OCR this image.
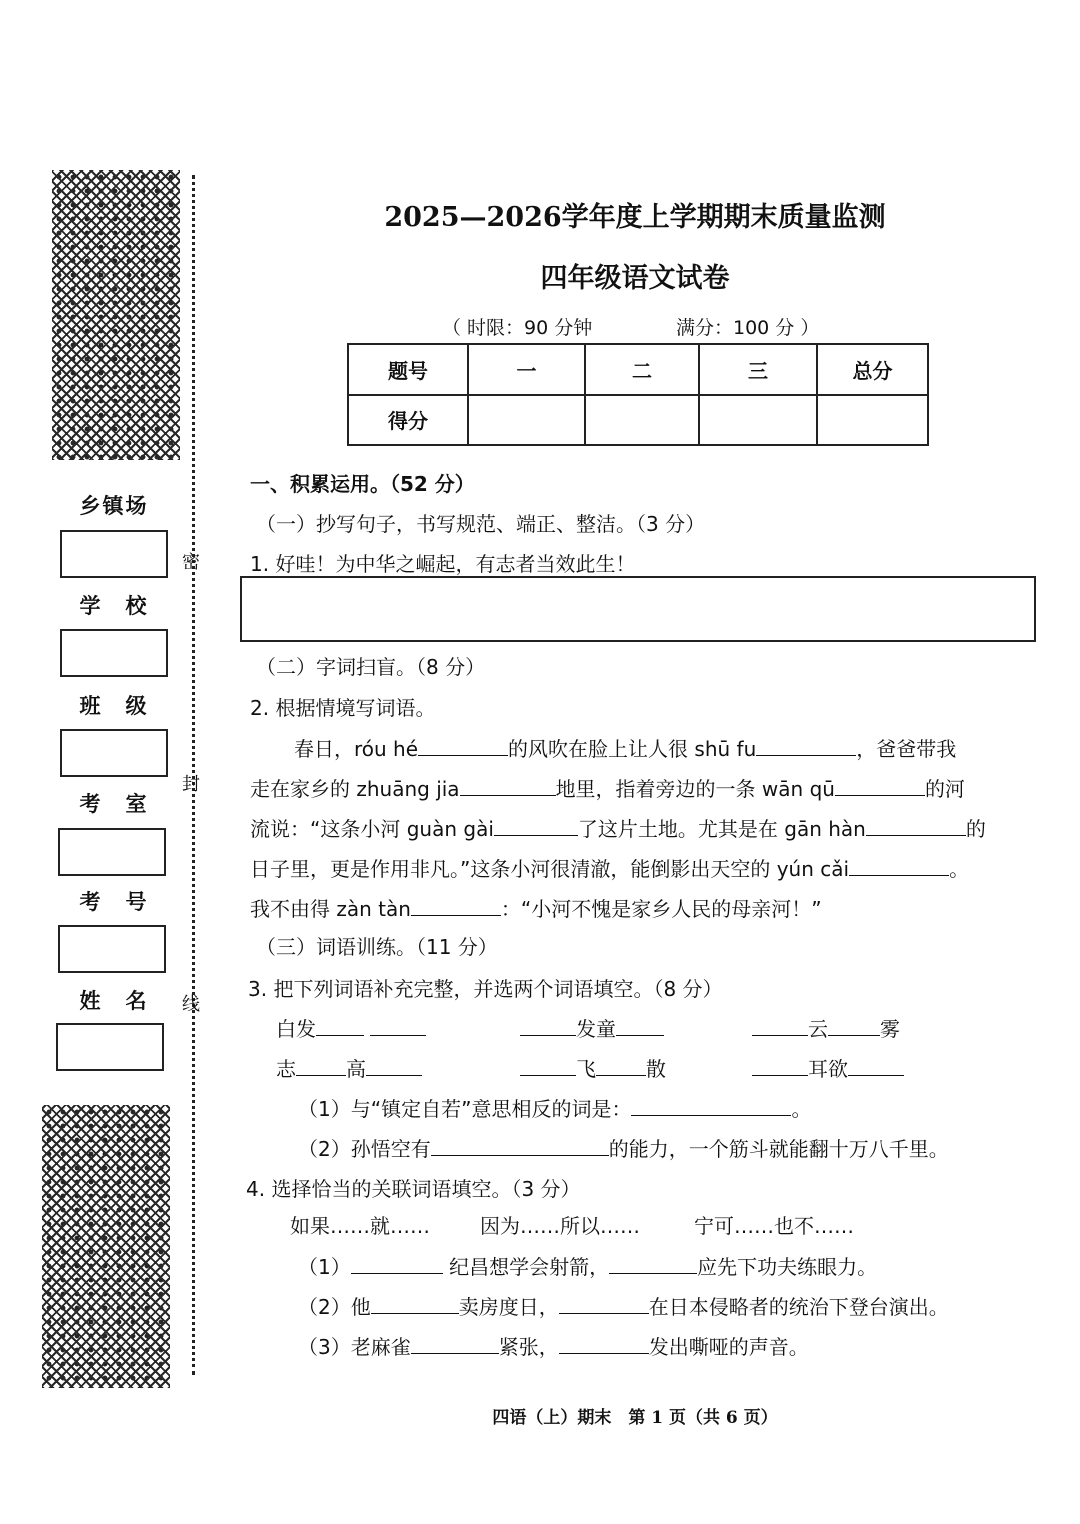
密
封
线
乡镇场
学　校
班　级
考　室
考　号
姓　名
2025—2026学年度上学期期末质量监测
四年级语文试卷
（ 时限：90 分钟	满分：100 分 ）
题号	一	二	三	总分
得分				
一、积累运用。（52 分）
（一）抄写句子，书写规范、端正、整洁。（3 分）
1. 好哇！为中华之崛起，有志者当效此生！
（二）字词扫盲。（8 分）
2. 根据情境写词语。
春日，róu hé	的风吹在脸上让人很 shū fu	，爸爸带我
走在家乡的 zhuāng jia	地里，指着旁边的一条 wān qū	的河
流说：“这条小河 guàn gài	了这片土地。尤其是在 gān hàn	的
日子里，更是作用非凡。”这条小河很清澈，能倒影出天空的 yún cǎi	。
我不由得 zàn tàn	：“小河不愧是家乡人民的母亲河！”
（三）词语训练。（11 分）
3. 把下列词语补充完整，并选两个词语填空。（8 分）
白发	发童	云	雾
志	高	飞	散	耳欲
（1）与“镇定自若”意思相反的词是：	。
（2）孙悟空有	的能力，一个筋斗就能翻十万八千里。
4. 选择恰当的关联词语填空。（3 分）
如果……就……	因为……所以……	宁可……也不……
（1）	纪昌想学会射箭，	应先下功夫练眼力。
（2）他	卖房度日，	在日本侵略者的统治下登台演出。
（3）老麻雀	紧张，	发出嘶哑的声音。
四语（上）期末　第 1 页（共 6 页）
